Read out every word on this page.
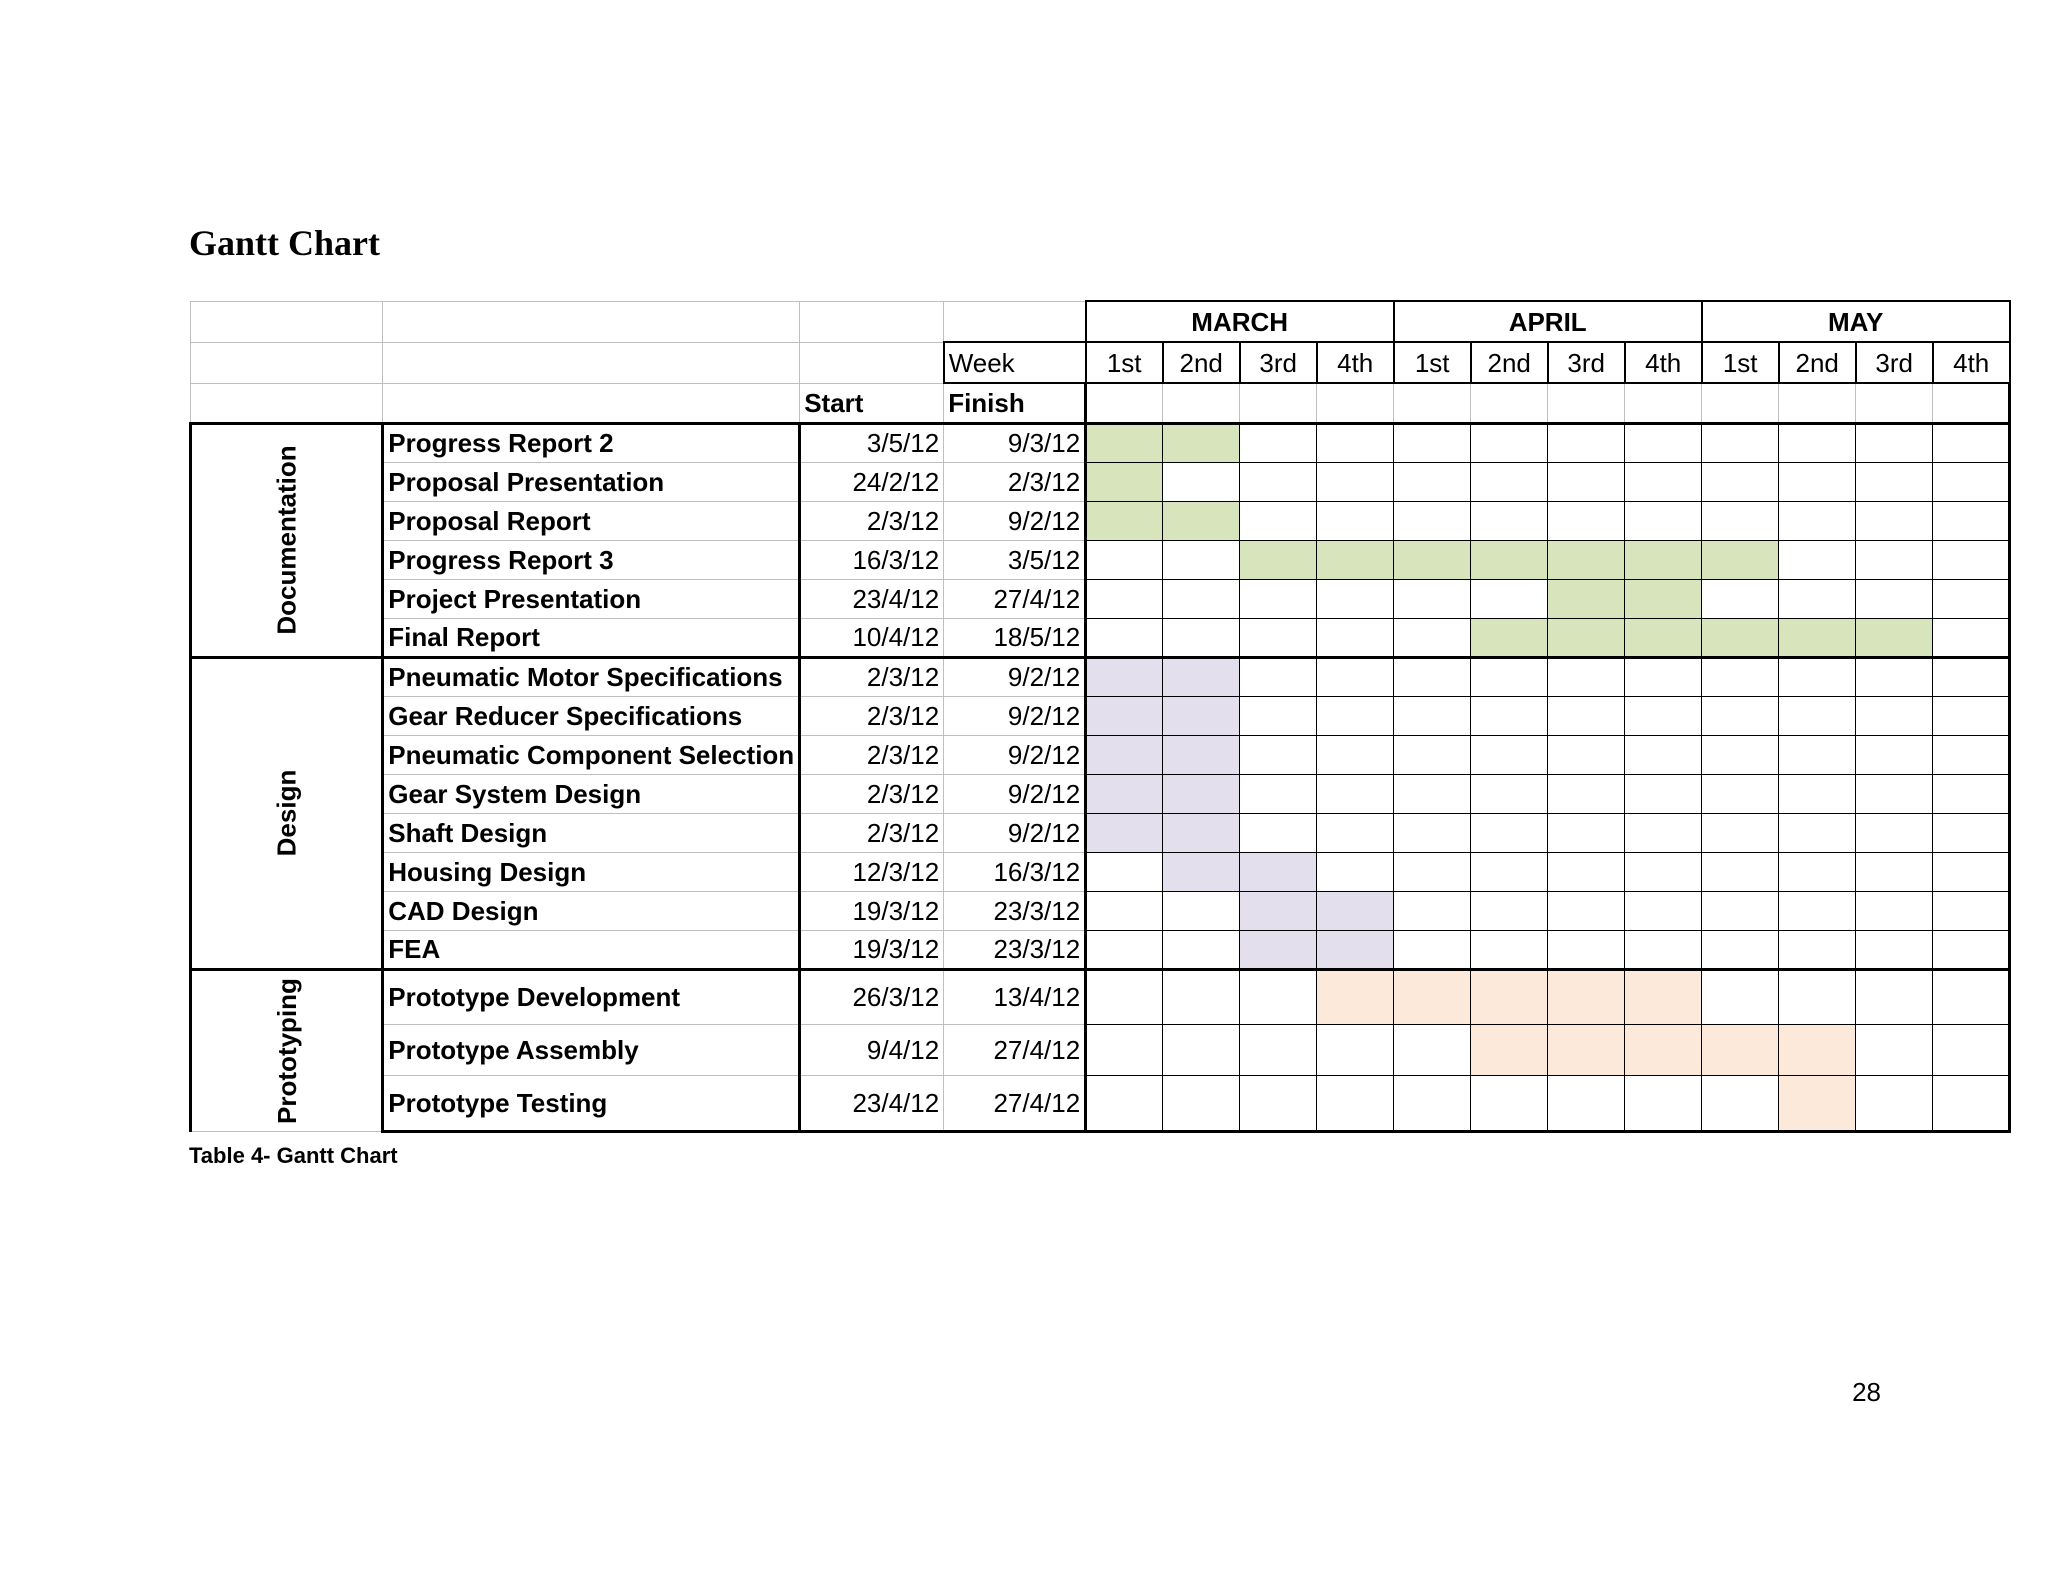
Gantt Chart
				MARCH				APRIL				MAY			
			Week	1st	2nd	3rd	4th	1st	2nd	3rd	4th	1st	2nd	3rd	4th
		Start	Finish												
Documentation	Progress Report 2	3/5/12	9/3/12												
	Proposal Presentation	24/2/12	2/3/12												
	Proposal Report	2/3/12	9/2/12												
	Progress Report 3	16/3/12	3/5/12												
	Project Presentation	23/4/12	27/4/12												
	Final Report	10/4/12	18/5/12												
Design	Pneumatic Motor Specifications	2/3/12	9/2/12												
	Gear Reducer Specifications	2/3/12	9/2/12												
	Pneumatic Component Selection	2/3/12	9/2/12												
	Gear System Design	2/3/12	9/2/12												
	Shaft Design	2/3/12	9/2/12												
	Housing Design	12/3/12	16/3/12												
	CAD Design	19/3/12	23/3/12												
	FEA	19/3/12	23/3/12												
Prototyping	Prototype Development	26/3/12	13/4/12												
	Prototype Assembly	9/4/12	27/4/12												
	Prototype Testing	23/4/12	27/4/12												

Table 4- Gantt Chart

28
